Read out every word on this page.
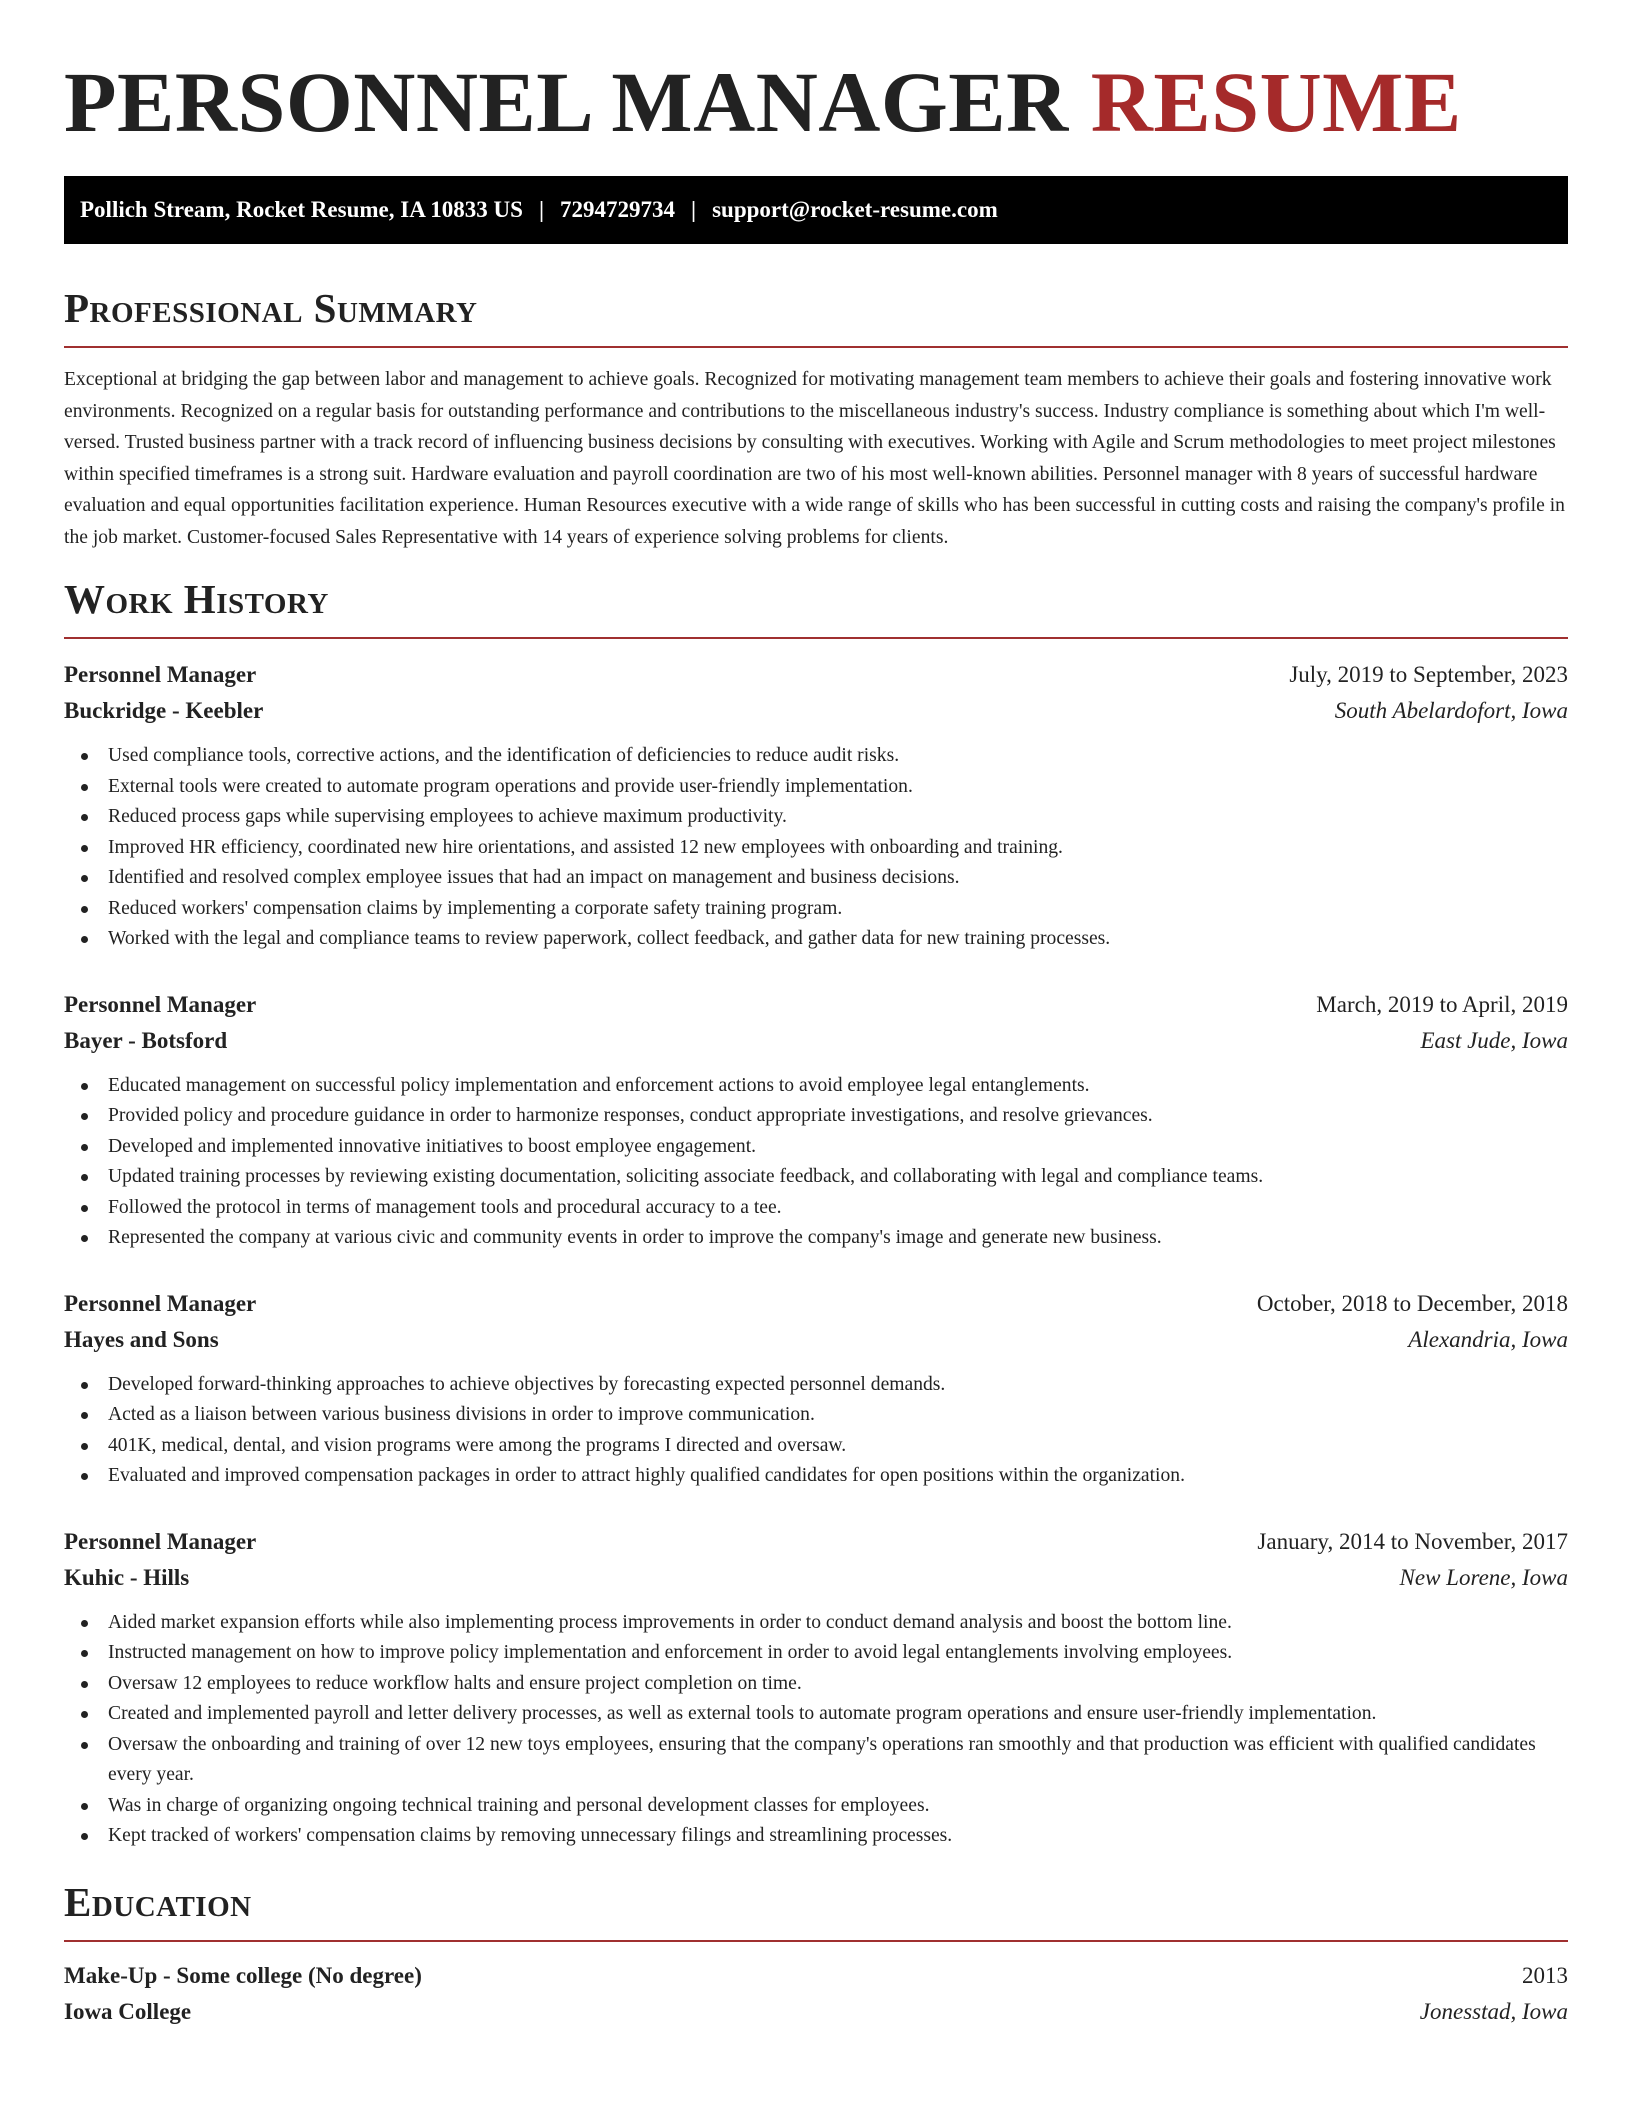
PERSONNEL MANAGER RESUME
Pollich Stream, Rocket Resume, IA 10833 US | 7294729734 | support@rocket-resume.com
Professional Summary

Exceptional at bridging the gap between labor and management to achieve goals. Recognized for motivating management team members to achieve their goals and fostering innovative work environments. Recognized on a regular basis for outstanding performance and contributions to the miscellaneous industry's success. Industry compliance is something about which I'm well-versed. Trusted business partner with a track record of influencing business decisions by consulting with executives. Working with Agile and Scrum methodologies to meet project milestones within specified timeframes is a strong suit. Hardware evaluation and payroll coordination are two of his most well-known abilities. Personnel manager with 8 years of successful hardware evaluation and equal opportunities facilitation experience. Human Resources executive with a wide range of skills who has been successful in cutting costs and raising the company's profile in the job market. Customer-focused Sales Representative with 14 years of experience solving problems for clients.

Work History
Personnel Manager	July, 2019 to September, 2023
Buckridge - Keebler	South Abelardofort, Iowa
Used compliance tools, corrective actions, and the identification of deficiencies to reduce audit risks.
External tools were created to automate program operations and provide user-friendly implementation.
Reduced process gaps while supervising employees to achieve maximum productivity.
Improved HR efficiency, coordinated new hire orientations, and assisted 12 new employees with onboarding and training.
Identified and resolved complex employee issues that had an impact on management and business decisions.
Reduced workers' compensation claims by implementing a corporate safety training program.
Worked with the legal and compliance teams to review paperwork, collect feedback, and gather data for new training processes.
Personnel Manager	March, 2019 to April, 2019
Bayer - Botsford	East Jude, Iowa
Educated management on successful policy implementation and enforcement actions to avoid employee legal entanglements.
Provided policy and procedure guidance in order to harmonize responses, conduct appropriate investigations, and resolve grievances.
Developed and implemented innovative initiatives to boost employee engagement.
Updated training processes by reviewing existing documentation, soliciting associate feedback, and collaborating with legal and compliance teams.
Followed the protocol in terms of management tools and procedural accuracy to a tee.
Represented the company at various civic and community events in order to improve the company's image and generate new business.
Personnel Manager	October, 2018 to December, 2018
Hayes and Sons	Alexandria, Iowa
Developed forward-thinking approaches to achieve objectives by forecasting expected personnel demands.
Acted as a liaison between various business divisions in order to improve communication.
401K, medical, dental, and vision programs were among the programs I directed and oversaw.
Evaluated and improved compensation packages in order to attract highly qualified candidates for open positions within the organization.
Personnel Manager	January, 2014 to November, 2017
Kuhic - Hills	New Lorene, Iowa
Aided market expansion efforts while also implementing process improvements in order to conduct demand analysis and boost the bottom line.
Instructed management on how to improve policy implementation and enforcement in order to avoid legal entanglements involving employees.
Oversaw 12 employees to reduce workflow halts and ensure project completion on time.
Created and implemented payroll and letter delivery processes, as well as external tools to automate program operations and ensure user-friendly implementation.
Oversaw the onboarding and training of over 12 new toys employees, ensuring that the company's operations ran smoothly and that production was efficient with qualified candidates every year.
Was in charge of organizing ongoing technical training and personal development classes for employees.
Kept tracked of workers' compensation claims by removing unnecessary filings and streamlining processes.
Education
Make-Up - Some college (No degree)	2013
Iowa College	Jonesstad, Iowa
